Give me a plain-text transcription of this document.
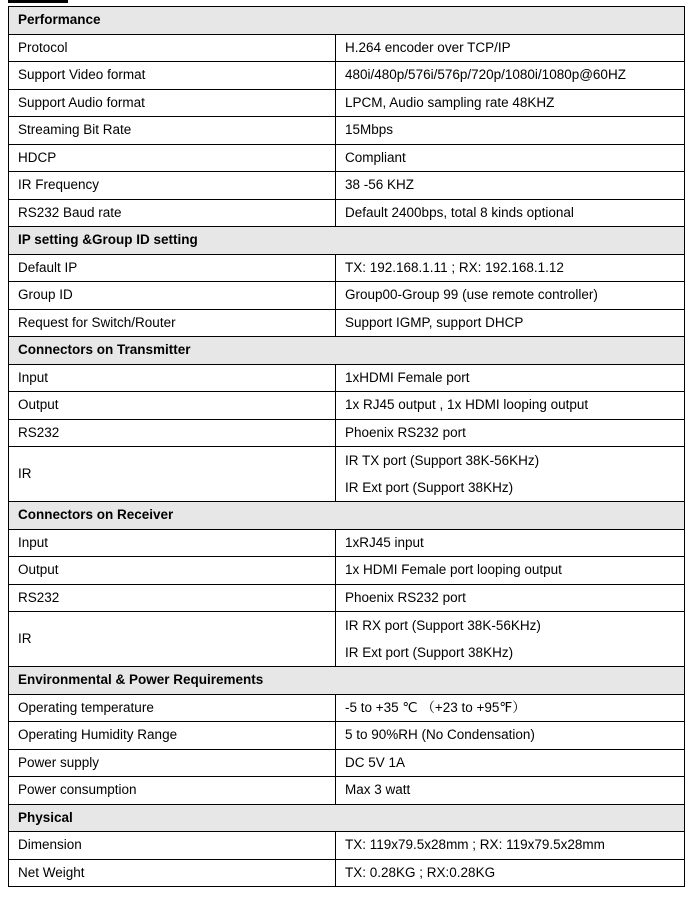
Performance	
Protocol	H.264 encoder over TCP/IP
Support Video format	480i/480p/576i/576p/720p/1080i/1080p@60HZ
Support Audio format	LPCM, Audio sampling rate 48KHZ
Streaming Bit Rate	15Mbps
HDCP	Compliant
IR Frequency	38 -56 KHZ
RS232 Baud rate	Default 2400bps, total 8 kinds optional
IP setting &Group ID setting	
Default IP	TX: 192.168.1.11 ; RX: 192.168.1.12
Group ID	Group00-Group 99 (use remote controller)
Request for Switch/Router	Support IGMP, support DHCP
Connectors on Transmitter	
Input	1xHDMI Female port
Output	1x RJ45 output , 1x HDMI looping output
RS232	Phoenix RS232 port
IR	IR TX port (Support 38K-56KHz)
	IR Ext port (Support 38KHz)
Connectors on Receiver	
Input	1xRJ45 input
Output	1x HDMI Female port looping output
RS232	Phoenix RS232 port
IR	IR RX port (Support 38K-56KHz)
	IR Ext port (Support 38KHz)
Environmental & Power Requirements	
Operating temperature	-5 to +35 ℃ （+23 to +95℉）
Operating Humidity Range	5 to 90%RH (No Condensation)
Power supply	DC 5V 1A
Power consumption	Max 3 watt
Physical	
Dimension	TX: 119x79.5x28mm ; RX: 119x79.5x28mm
Net Weight	TX: 0.28KG ; RX:0.28KG
